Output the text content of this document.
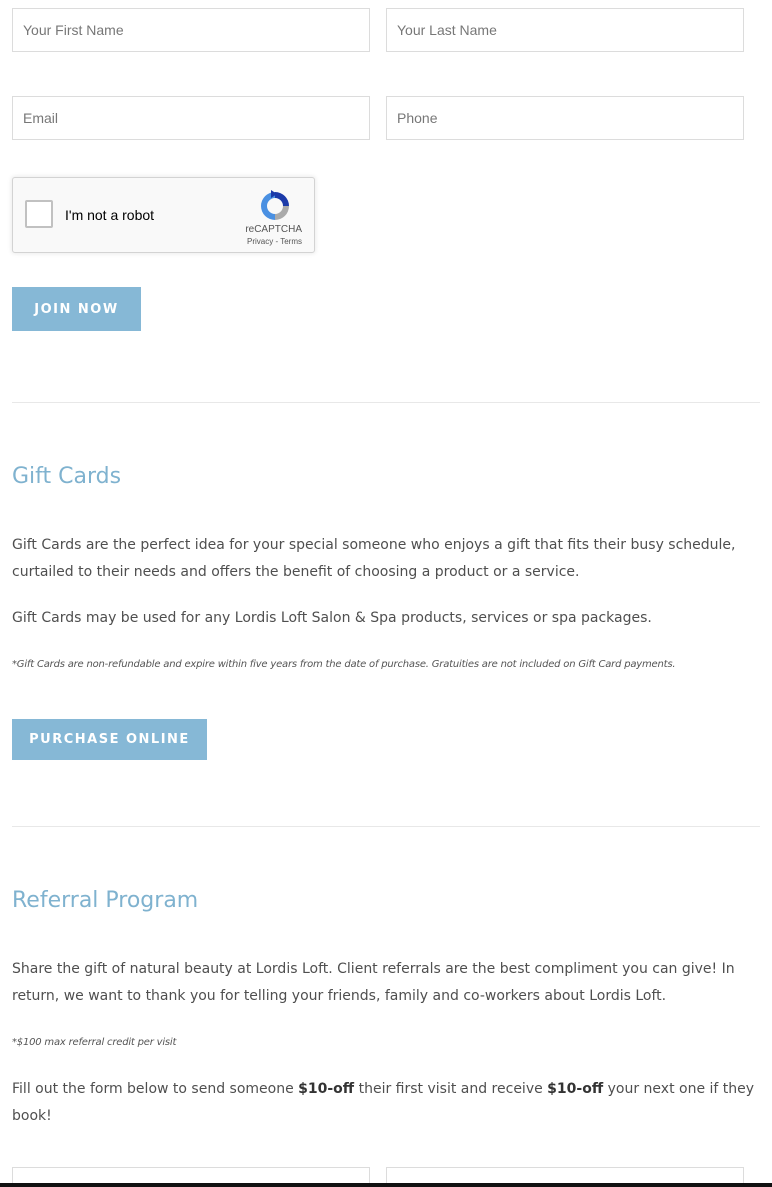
Your First Name
Your Last Name
Email
Phone
I'm not a robot
reCAPTCHA
Privacy - Terms
JOIN NOW
Gift Cards

Gift Cards are the perfect idea for your special someone who enjoys a gift that fits their busy schedule, curtailed to their needs and offers the benefit of choosing a product or a service.

Gift Cards may be used for any Lordis Loft Salon & Spa products, services or spa packages.

*Gift Cards are non-refundable and expire within five years from the date of purchase. Gratuities are not included on Gift Card payments.

PURCHASE ONLINE
Referral Program

Share the gift of natural beauty at Lordis Loft. Client referrals are the best compliment you can give! In return, we want to thank you for telling your friends, family and co-workers about Lordis Loft.

*$100 max referral credit per visit

Fill out the form below to send someone $10-off their first visit and receive $10-off your next one if they book!
